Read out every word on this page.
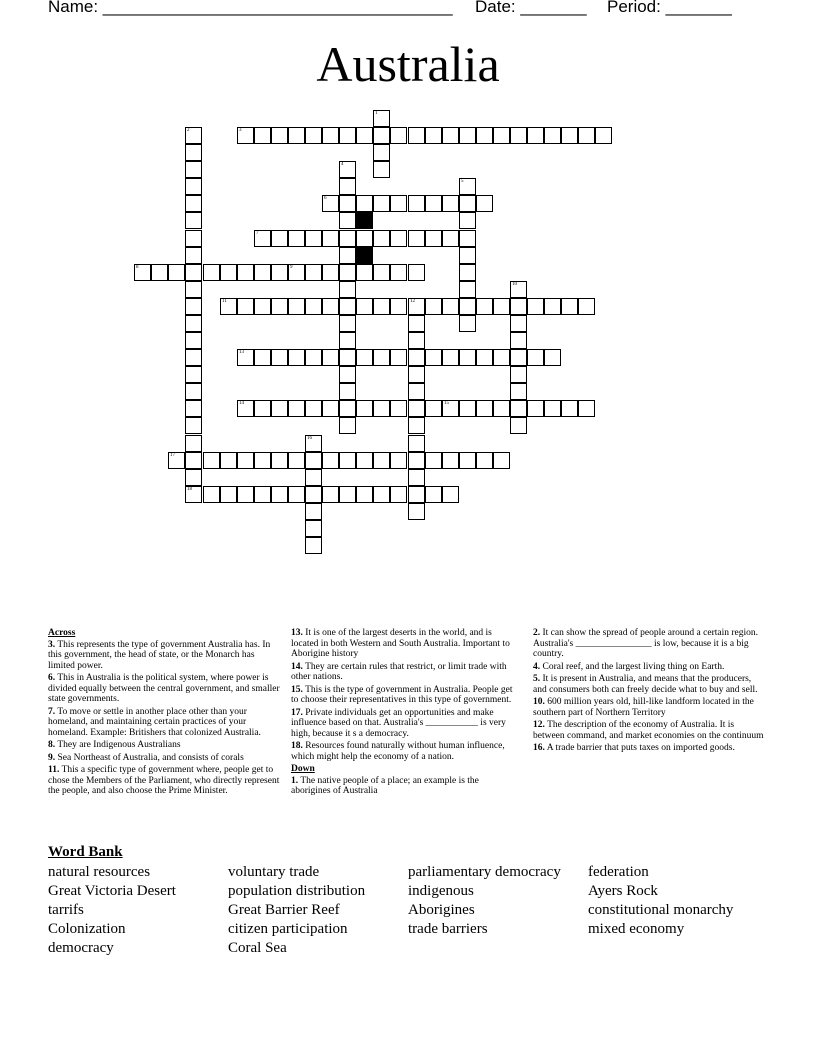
Name: _____________________________________ Date: _______ Period: _______
Australia
1
2
18
3
4
5
6
7
8	9
10
11	12
13
14	15
16
17
Across
3. This represents the type of government Australia has. In this government, the head of state, or the Monarch has limited power.
6. This in Australia is the political system, where power is divided equally between the central government, and smaller state governments.
7. To move or settle in another place other than your homeland, and maintaining certain practices of your homeland. Example: Britishers that colonized Australia.
8. They are Indigenous Australians
9. Sea Northeast of Australia, and consists of corals
11. This a specific type of government where, people get to chose the Members of the Parliament, who directly represent the people, and also choose the Prime Minister.
13. It is one of the largest deserts in the world, and is located in both Western and South Australia. Important to Aborigine history
14. They are certain rules that restrict, or limit trade with other nations.
15. This is the type of government in Australia. People get to choose their representatives in this type of government.
17. Private individuals get an opportunities and make influence based on that. Australia's ___________ is very high, because it s a democracy.
18. Resources found naturally without human influence, which might help the economy of a nation.
Down
1. The native people of a place; an example is the aborigines of Australia
2. It can show the spread of people around a certain region. Australia's ________________ is low, because it is a big country.
4. Coral reef, and the largest living thing on Earth.
5. It is present in Australia, and means that the producers, and consumers both can freely decide what to buy and sell.
10. 600 million years old, hill-like landform located in the southern part of Northern Territory
12. The description of the economy of Australia. It is between command, and market economies on the continuum
16. A trade barrier that puts taxes on imported goods.
Word Bank
natural resources
Great Victoria Desert
tarrifs
Colonization
democracy
voluntary trade
population distribution
Great Barrier Reef
citizen participation
Coral Sea
parliamentary democracy
indigenous
Aborigines
trade barriers
federation
Ayers Rock
constitutional monarchy
mixed economy
